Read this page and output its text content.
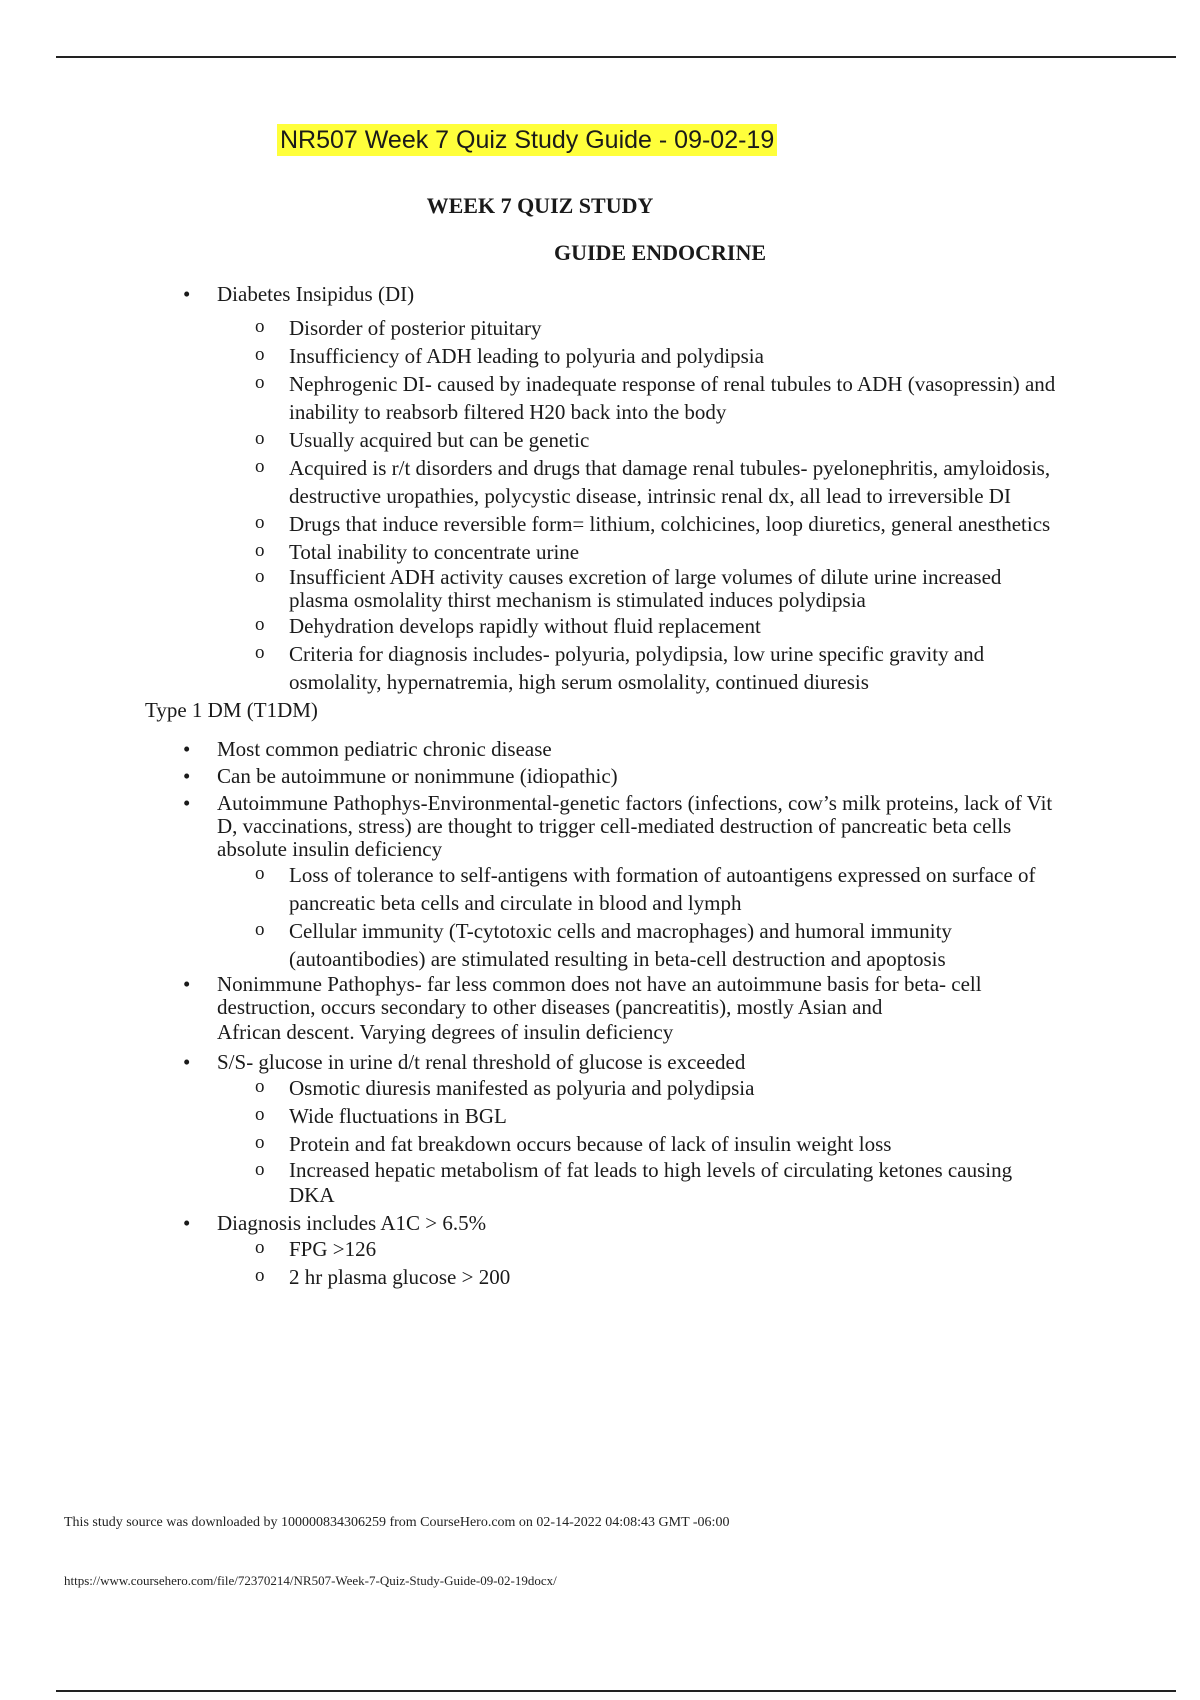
NR507 Week 7 Quiz Study Guide - 09-02-19
WEEK 7 QUIZ STUDY
GUIDE ENDOCRINE
• Diabetes Insipidus (DI)
o Disorder of posterior pituitary
o Insufficiency of ADH leading to polyuria and polydipsia
o Nephrogenic DI- caused by inadequate response of renal tubules to ADH (vasopressin) and inability to reabsorb filtered H20 back into the body
o Usually acquired but can be genetic
o Acquired is r/t disorders and drugs that damage renal tubules- pyelonephritis, amyloidosis, destructive uropathies, polycystic disease, intrinsic renal dx, all lead to irreversible DI
o Drugs that induce reversible form= lithium, colchicines, loop diuretics, general anesthetics
o Total inability to concentrate urine
o Insufficient ADH activity causes excretion of large volumes of dilute urine increased plasma osmolality thirst mechanism is stimulated induces polydipsia
o Dehydration develops rapidly without fluid replacement
o Criteria for diagnosis includes- polyuria, polydipsia, low urine specific gravity and osmolality, hypernatremia, high serum osmolality, continued diuresis
Type 1 DM (T1DM)
• Most common pediatric chronic disease
• Can be autoimmune or nonimmune (idiopathic)
• Autoimmune Pathophys-Environmental-genetic factors (infections, cow’s milk proteins, lack of Vit D, vaccinations, stress) are thought to trigger cell-mediated destruction of pancreatic beta cells absolute insulin deficiency
o Loss of tolerance to self-antigens with formation of autoantigens expressed on surface of pancreatic beta cells and circulate in blood and lymph
o Cellular immunity (T-cytotoxic cells and macrophages) and humoral immunity (autoantibodies) are stimulated resulting in beta-cell destruction and apoptosis
• Nonimmune Pathophys- far less common does not have an autoimmune basis for beta- cell destruction, occurs secondary to other diseases (pancreatitis), mostly Asian and
African descent. Varying degrees of insulin deficiency
• S/S- glucose in urine d/t renal threshold of glucose is exceeded
o Osmotic diuresis manifested as polyuria and polydipsia
o Wide fluctuations in BGL
o Protein and fat breakdown occurs because of lack of insulin weight loss
o Increased hepatic metabolism of fat leads to high levels of circulating ketones causing DKA
• Diagnosis includes A1C > 6.5%
o FPG >126
o 2 hr plasma glucose > 200
This study source was downloaded by 100000834306259 from CourseHero.com on 02-14-2022 04:08:43 GMT -06:00
https://www.coursehero.com/file/72370214/NR507-Week-7-Quiz-Study-Guide-09-02-19docx/
